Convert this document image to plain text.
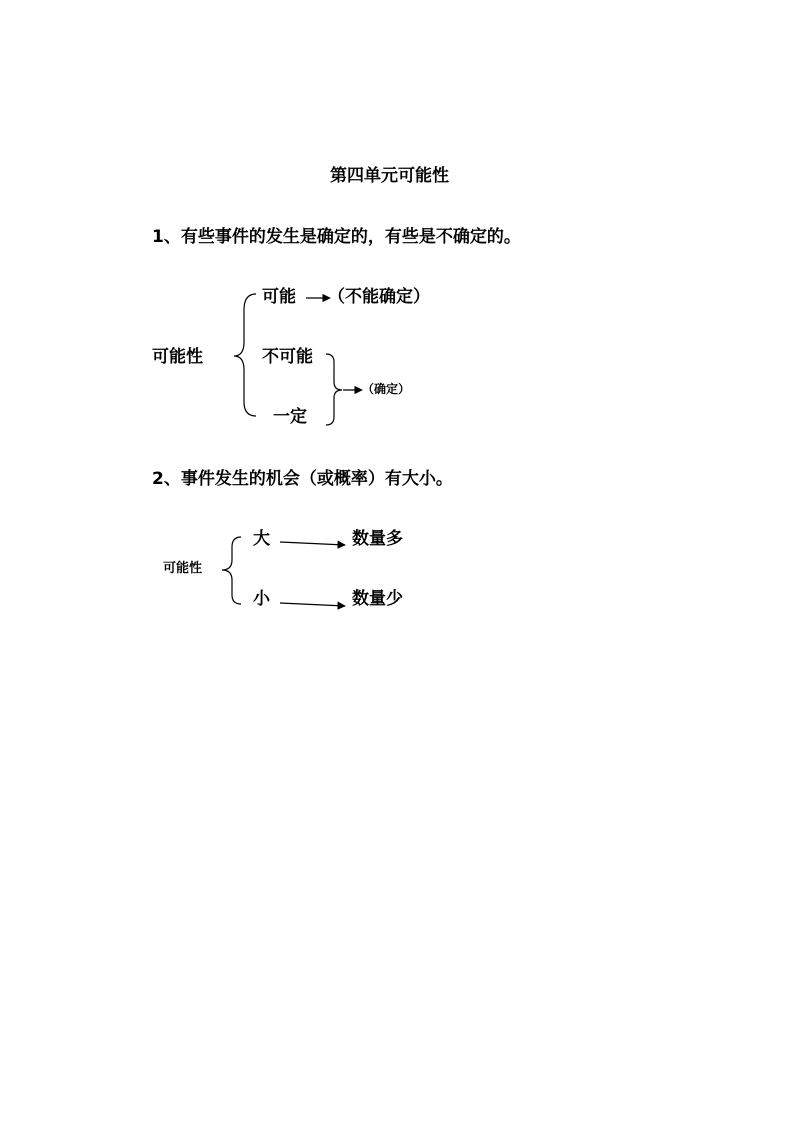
第四单元可能性
1、有些事件的发生是确定的，有些是不确定的。
可能性
可能 （不能确定）
不可能
一定
（确定）
2、事件发生的机会（或概率）有大小。
可能性
大	数量多
小	数量少
